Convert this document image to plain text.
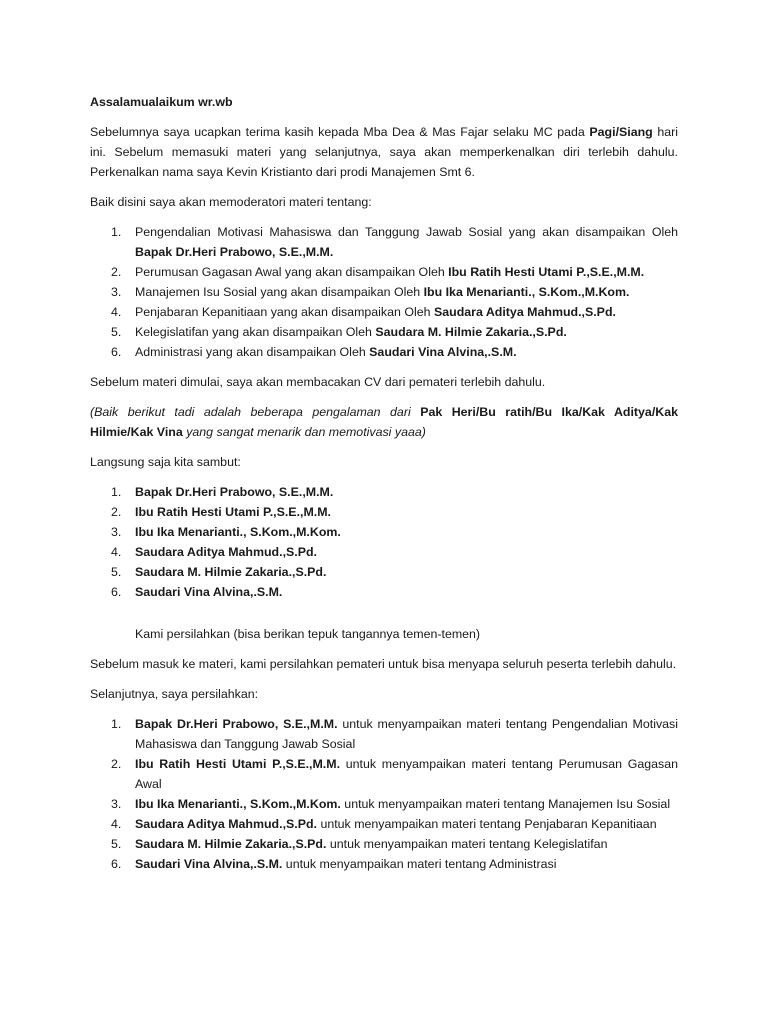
Assalamualaikum wr.wb

Sebelumnya saya ucapkan terima kasih kepada Mba Dea & Mas Fajar selaku MC pada Pagi/Siang hari ini. Sebelum memasuki materi yang selanjutnya, saya akan memperkenalkan diri terlebih dahulu. Perkenalkan nama saya Kevin Kristianto dari prodi Manajemen Smt 6.

Baik disini saya akan memoderatori materi tentang:

1. Pengendalian Motivasi Mahasiswa dan Tanggung Jawab Sosial yang akan disampaikan Oleh Bapak Dr.Heri Prabowo, S.E.,M.M.
2. Perumusan Gagasan Awal yang akan disampaikan Oleh Ibu Ratih Hesti Utami P.,S.E.,M.M.
3. Manajemen Isu Sosial yang akan disampaikan Oleh Ibu Ika Menarianti., S.Kom.,M.Kom.
4. Penjabaran Kepanitiaan yang akan disampaikan Oleh Saudara Aditya Mahmud.,S.Pd.
5. Kelegislatifan yang akan disampaikan Oleh Saudara M. Hilmie Zakaria.,S.Pd.
6. Administrasi yang akan disampaikan Oleh Saudari Vina Alvina,.S.M.

Sebelum materi dimulai, saya akan membacakan CV dari pemateri terlebih dahulu.

(Baik berikut tadi adalah beberapa pengalaman dari Pak Heri/Bu ratih/Bu Ika/Kak Aditya/Kak Hilmie/Kak Vina yang sangat menarik dan memotivasi yaaa)

Langsung saja kita sambut:

1. Bapak Dr.Heri Prabowo, S.E.,M.M.
2. Ibu Ratih Hesti Utami P.,S.E.,M.M.
3. Ibu Ika Menarianti., S.Kom.,M.Kom.
4. Saudara Aditya Mahmud.,S.Pd.
5. Saudara M. Hilmie Zakaria.,S.Pd.
6. Saudari Vina Alvina,.S.M.

Kami persilahkan (bisa berikan tepuk tangannya temen-temen)

Sebelum masuk ke materi, kami persilahkan pemateri untuk bisa menyapa seluruh peserta terlebih dahulu.

Selanjutnya, saya persilahkan:

1. Bapak Dr.Heri Prabowo, S.E.,M.M. untuk menyampaikan materi tentang Pengendalian Motivasi Mahasiswa dan Tanggung Jawab Sosial
2. Ibu Ratih Hesti Utami P.,S.E.,M.M. untuk menyampaikan materi tentang Perumusan Gagasan Awal
3. Ibu Ika Menarianti., S.Kom.,M.Kom. untuk menyampaikan materi tentang Manajemen Isu Sosial
4. Saudara Aditya Mahmud.,S.Pd. untuk menyampaikan materi tentang Penjabaran Kepanitiaan
5. Saudara M. Hilmie Zakaria.,S.Pd. untuk menyampaikan materi tentang Kelegislatifan
6. Saudari Vina Alvina,.S.M. untuk menyampaikan materi tentang Administrasi
